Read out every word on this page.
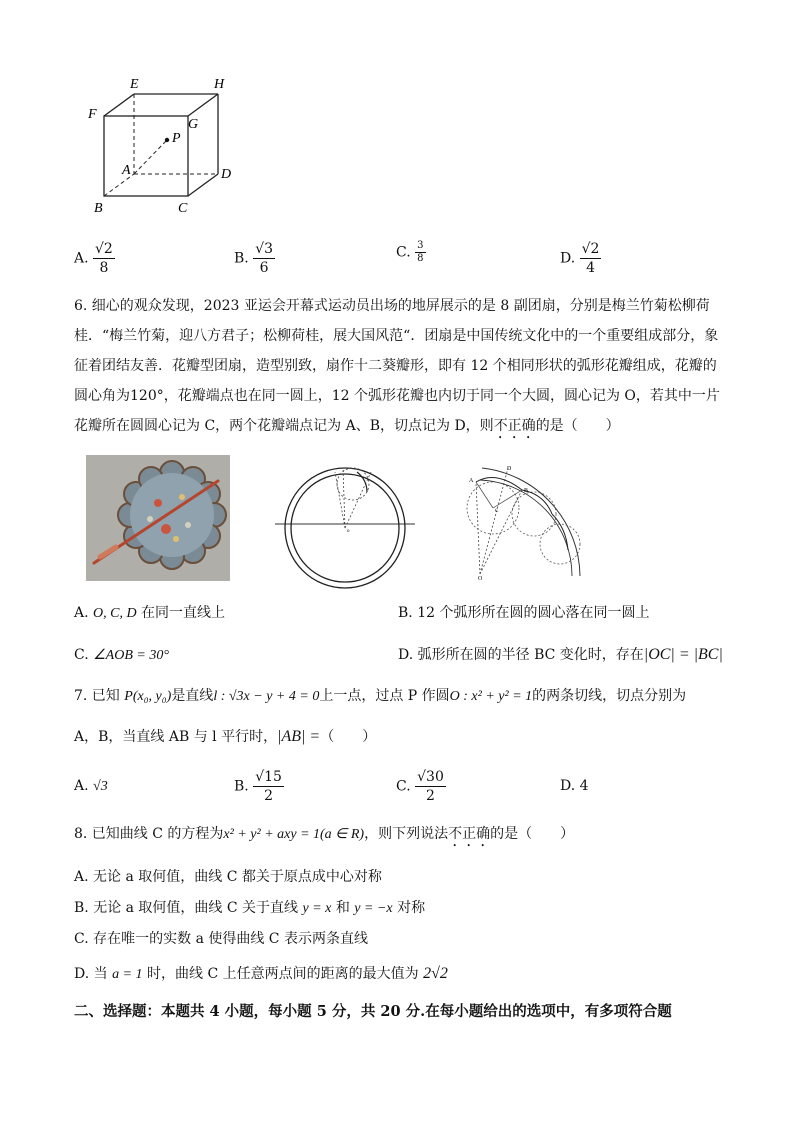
E	H
F
G
P
A	D
B	C
A. $\frac{√2}{8}$	B. $\frac{√3}{6}$	C. $\frac{3}{8}$	D. $\frac{√2}{4}$
6. 细心的观众发现，2023 亚运会开幕式运动员出场的地屏展示的是 8 副团扇，分别是梅兰竹菊松柳荷
桂．“梅兰竹菊，迎八方君子；松柳荷桂，展大国风范“．团扇是中国传统文化中的一个重要组成部分，象
征着团结友善．花瓣型团扇，造型别致，扇作十二葵瓣形，即有 12 个相同形状的弧形花瓣组成，花瓣的
圆心角为120°，花瓣端点也在同一圆上，12 个弧形花瓣也内切于同一个大圆，圆心记为 O，若其中一片
花瓣所在圆圆心记为 C，两个花瓣端点记为 A、B，切点记为 D，则不正确的是（　　）
o
D
A
B
C
O
A. O, C, D 在同一直线上	B. 12 个弧形所在圆的圆心落在同一圆上
C. ∠AOB = 30°	D. 弧形所在圆的半径 BC 变化时，存在|OC| = |BC|
7. 已知 P(x₀, y₀)是直线l : √3x − y + 4 = 0上一点，过点 P 作圆O : x² + y² = 1的两条切线，切点分别为
A，B，当直线 AB 与 l 平行时，|AB| =（　　）
A. √3	B. $\frac{√15}{2}$	C. $\frac{√30}{2}$	D. 4
8. 已知曲线 C 的方程为x² + y² + axy = 1(a ∈ R)，则下列说法不正确的是（　　）
A. 无论 a 取何值，曲线 C 都关于原点成中心对称
B. 无论 a 取何值，曲线 C 关于直线 y = x 和 y = −x 对称
C. 存在唯一的实数 a 使得曲线 C 表示两条直线
D. 当 a = 1 时，曲线 C 上任意两点间的距离的最大值为 2√2
二、选择题：本题共 4 小题，每小题 5 分，共 20 分.在每小题给出的选项中，有多项符合题
